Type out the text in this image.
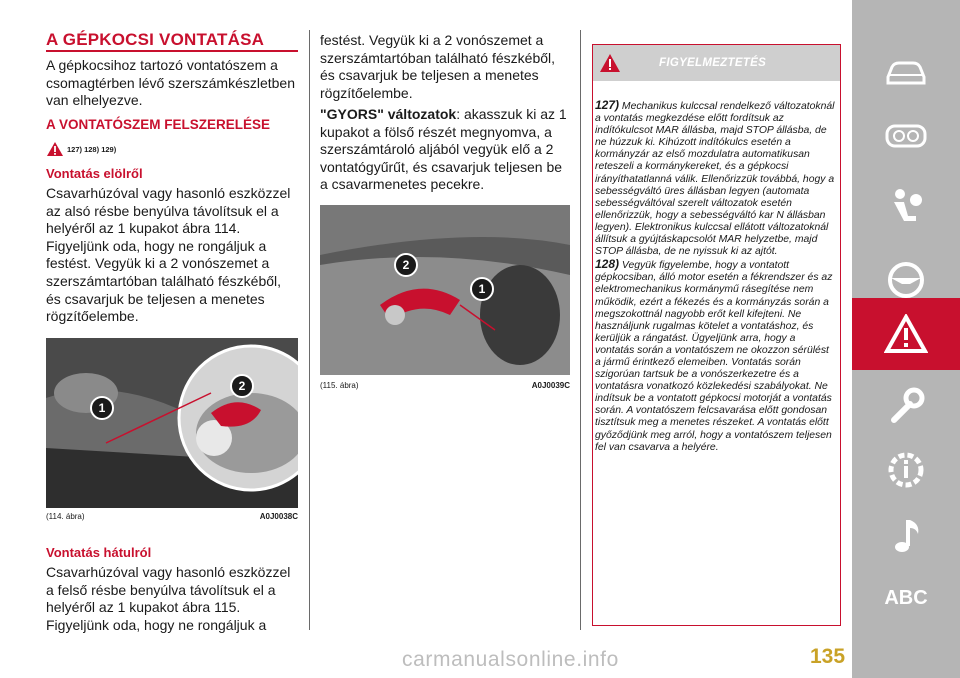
A GÉPKOCSI VONTATÁSA
A gépkocsihoz tartozó vontatószem a csomagtérben lévő szerszámkészletben van elhelyezve.
A VONTATÓSZEM FELSZERELÉSE
127) 128) 129)
Vontatás elölről
Csavarhúzóval vagy hasonló eszközzel az alsó résbe benyúlva távolítsuk el a helyéről az 1 kupakot ábra 114. Figyeljünk oda, hogy ne rongáljuk a festést. Vegyük ki a 2 vonószemet a szerszámtartóban található fészkéből, és csavarjuk be teljesen a menetes rögzítőelembe.
1
2
(114. ábra)	A0J0038C
Vontatás hátulról
Csavarhúzóval vagy hasonló eszközzel a felső résbe benyúlva távolítsuk el a helyéről az 1 kupakot ábra 115. Figyeljünk oda, hogy ne rongáljuk a
festést. Vegyük ki a 2 vonószemet a szerszámtartóban található fészkéből, és csavarjuk be teljesen a menetes rögzítőelembe.
"GYORS" változatok: akasszuk ki az 1 kupakot a fölső részét megnyomva, a szerszámtároló aljából vegyük elő a 2 vontatógyűrűt, és csavarjuk teljesen be a csavarmenetes pecekre.
2
1
(115. ábra)	A0J0039C
FIGYELMEZTETÉS
127) Mechanikus kulccsal rendelkező változatoknál a vontatás megkezdése előtt fordítsuk az indítókulcsot MAR állásba, majd STOP állásba, de ne húzzuk ki. Kihúzott indítókulcs esetén a kormányzár az első mozdulatra automatikusan reteszeli a kormánykereket, és a gépkocsi irányíthatatlanná válik. Ellenőrizzük továbbá, hogy a sebességváltó üres állásban legyen (automata sebességváltóval szerelt változatok esetén ellenőrizzük, hogy a sebességváltó kar N állásban legyen). Elektronikus kulccsal ellátott változatoknál állítsuk a gyújtáskapcsolót MAR helyzetbe, majd STOP állásba, de ne nyissuk ki az ajtót.
128) Vegyük figyelembe, hogy a vontatott gépkocsiban, álló motor esetén a fékrendszer és az elektromechanikus kormánymű rásegítése nem működik, ezért a fékezés és a kormányzás során a megszokottnál nagyobb erőt kell kifejteni. Ne használjunk rugalmas kötelet a vontatáshoz, és kerüljük a rángatást. Ügyeljünk arra, hogy a vontatás során a vontatószem ne okozzon sérülést a jármű érintkező elemeiben. Vontatás során szigorúan tartsuk be a vonószerkezetre és a vontatásra vonatkozó közlekedési szabályokat. Ne indítsuk be a vontatott gépkocsi motorját a vontatás során. A vontatószem felcsavarása előtt gondosan tisztítsuk meg a menetes részeket. A vontatás előtt győződjünk meg arról, hogy a vontatószem teljesen fel van csavarva a helyére.
ABC
carmanualsonline.info	135
